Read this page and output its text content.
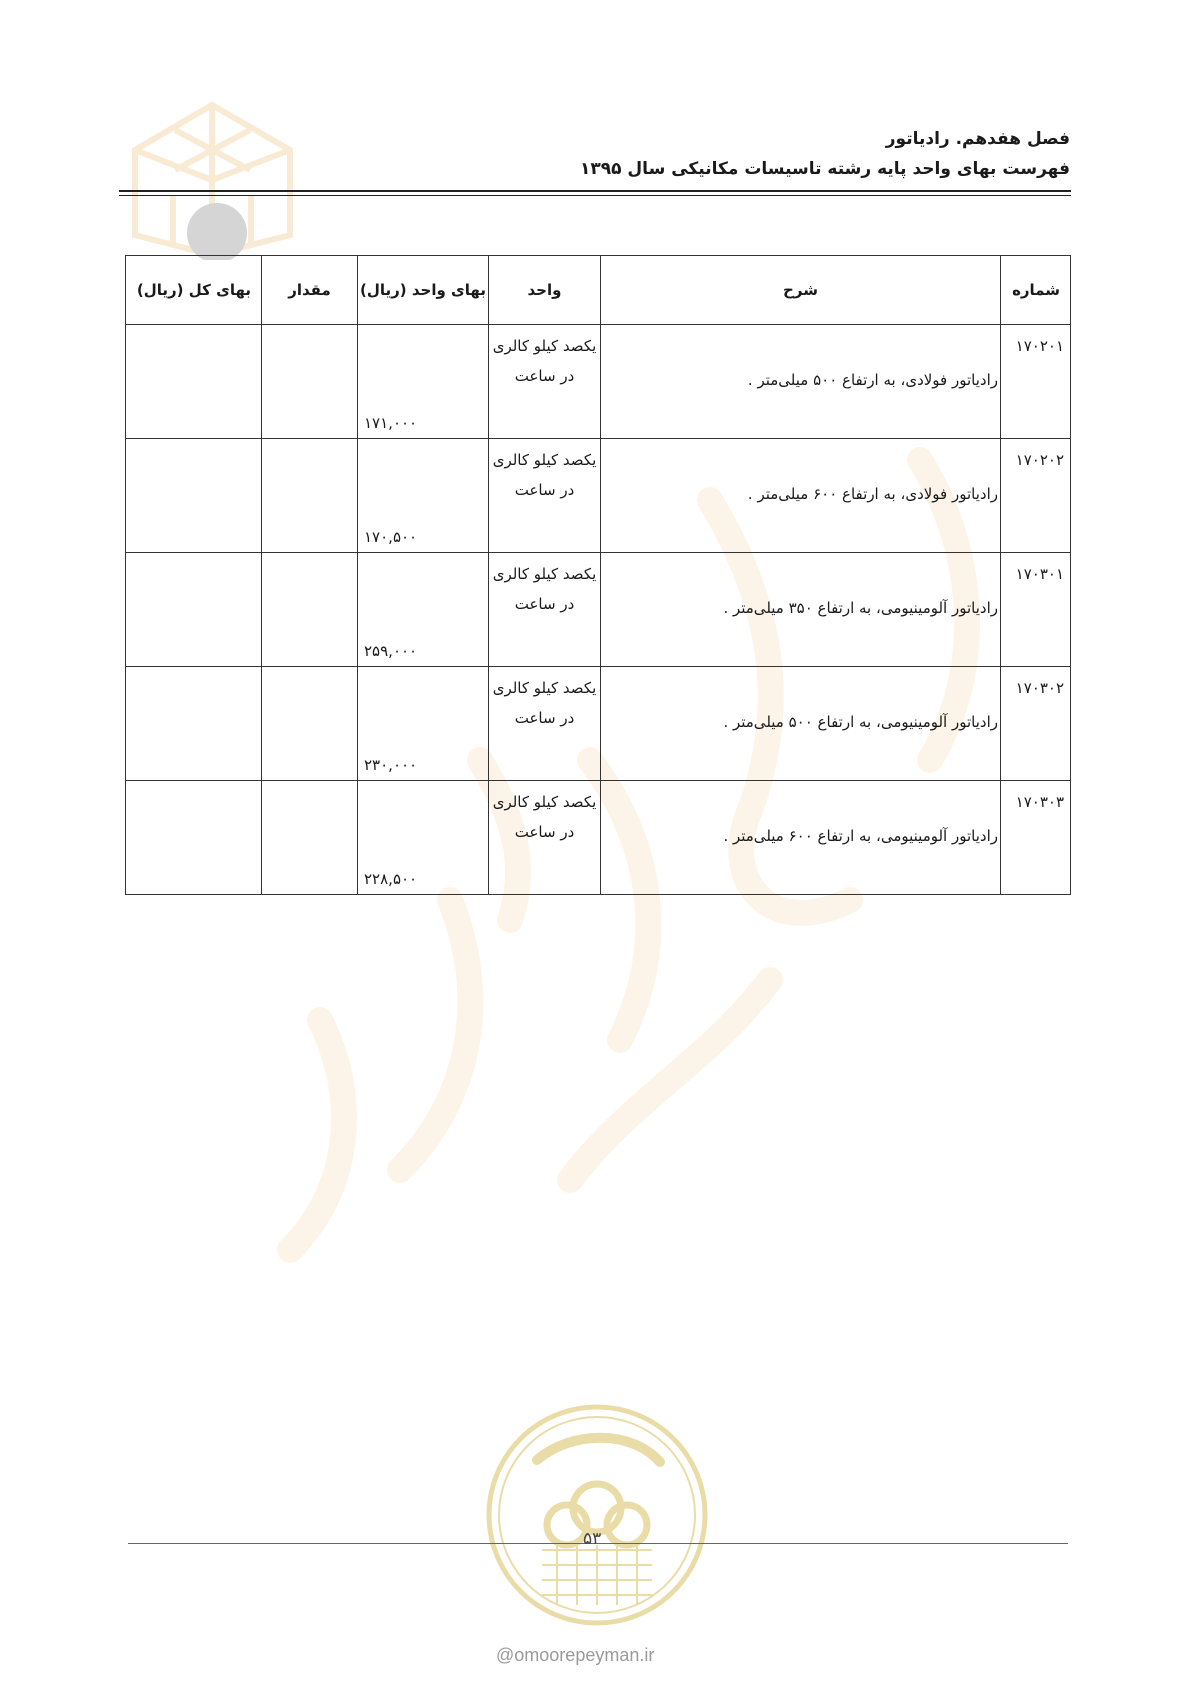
فصل هفدهم. رادیاتور
فهرست بهای واحد پایه رشته تاسیسات مکانیکی سال ۱۳۹۵
شماره	شرح	واحد	بهای واحد (ریال)	مقدار	بهای کل (ریال)
۱۷۰۲۰۱	رادیاتور فولادی، به ارتفاع ۵۰۰ میلی‌متر .	یکصد کیلو کالری در ساعت	۱۷۱,۰۰۰		
۱۷۰۲۰۲	رادیاتور فولادی، به ارتفاع ۶۰۰ میلی‌متر .	یکصد کیلو کالری در ساعت	۱۷۰,۵۰۰		
۱۷۰۳۰۱	رادیاتور آلومینیومی، به ارتفاع ۳۵۰ میلی‌متر .	یکصد کیلو کالری در ساعت	۲۵۹,۰۰۰		
۱۷۰۳۰۲	رادیاتور آلومینیومی، به ارتفاع ۵۰۰ میلی‌متر .	یکصد کیلو کالری در ساعت	۲۳۰,۰۰۰		
۱۷۰۳۰۳	رادیاتور آلومینیومی، به ارتفاع ۶۰۰ میلی‌متر .	یکصد کیلو کالری در ساعت	۲۲۸,۵۰۰		
۵۳
@omoorepeyman.ir
